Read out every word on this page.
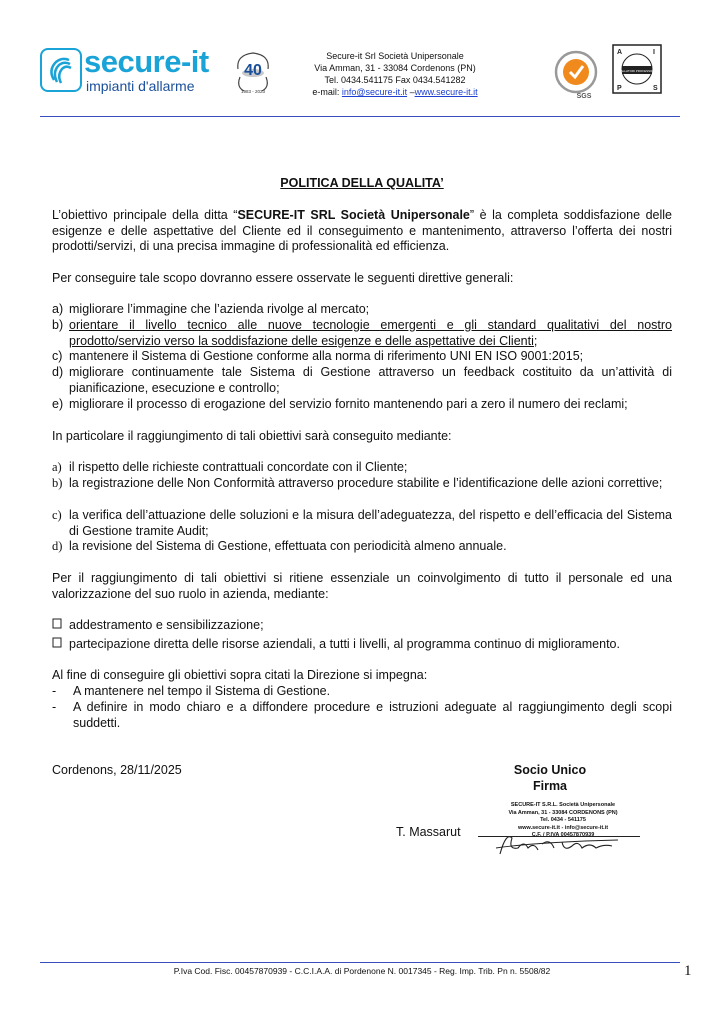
secure-it
impianti d'allarme
40
1983 - 2023
Secure-it Srl Società Unipersonale
Via Amman, 31 - 33084 Cordenons (PN)
Tel. 0434.541175 Fax 0434.541282
e-mail: info@secure-it.it –www.secure-it.it	SGS
INSTALLATORI PROFESSIONALI
A	I
P	S
POLITICA DELLA QUALITA’
L’obiettivo principale della ditta “SECURE-IT SRL Società Unipersonale” è la completa soddisfazione delle esigenze e delle aspettative del Cliente ed il conseguimento e mantenimento, attraverso l’offerta dei nostri prodotti/servizi, di una precisa immagine di professionalità ed efficienza.
Per conseguire tale scopo dovranno essere osservate le seguenti direttive generali:
a) migliorare l’immagine che l’azienda rivolge al mercato;
b) orientare il livello tecnico alle nuove tecnologie emergenti e gli standard qualitativi del nostro prodotto/servizio verso la soddisfazione delle esigenze e delle aspettative dei Clienti;
c) mantenere il Sistema di Gestione conforme alla norma di riferimento UNI EN ISO 9001:2015;
d) migliorare continuamente tale Sistema di Gestione attraverso un feedback costituito da un’attività di pianificazione, esecuzione e controllo;
e) migliorare il processo di erogazione del servizio fornito mantenendo pari a zero il numero dei reclami;
In particolare il raggiungimento di tali obiettivi sarà conseguito mediante:
a) il rispetto delle richieste contrattuali concordate con il Cliente;
b) la registrazione delle Non Conformità attraverso procedure stabilite e l’identificazione delle azioni correttive;
c) la verifica dell’attuazione delle soluzioni e la misura dell’adeguatezza, del rispetto e dell’efficacia del Sistema di Gestione tramite Audit;
d) la revisione del Sistema di Gestione, effettuata con periodicità almeno annuale.
Per il raggiungimento di tali obiettivi si ritiene essenziale un coinvolgimento di tutto il personale ed una valorizzazione del suo ruolo in azienda, mediante:
addestramento e sensibilizzazione;
partecipazione diretta delle risorse aziendali, a tutti i livelli, al programma continuo di miglioramento.
Al fine di conseguire gli obiettivi sopra citati la Direzione si impegna:
- A mantenere nel tempo il Sistema di Gestione.
- A definire in modo chiaro e a diffondere procedure e istruzioni adeguate al raggiungimento degli scopi suddetti.
Cordenons, 28/11/2025	Socio Unico
Firma
SECURE-IT S.R.L. Società Unipersonale
Via Amman, 31 - 33084 CORDENONS (PN)
Tel. 0434 - 541175
www.secure-it.it - info@secure-it.it
C.F. / P.IVA 00457870939
T. Massarut
P.Iva Cod. Fisc. 00457870939 - C.C.I.A.A. di Pordenone N. 0017345 - Reg. Imp. Trib. Pn n. 5508/82	1
